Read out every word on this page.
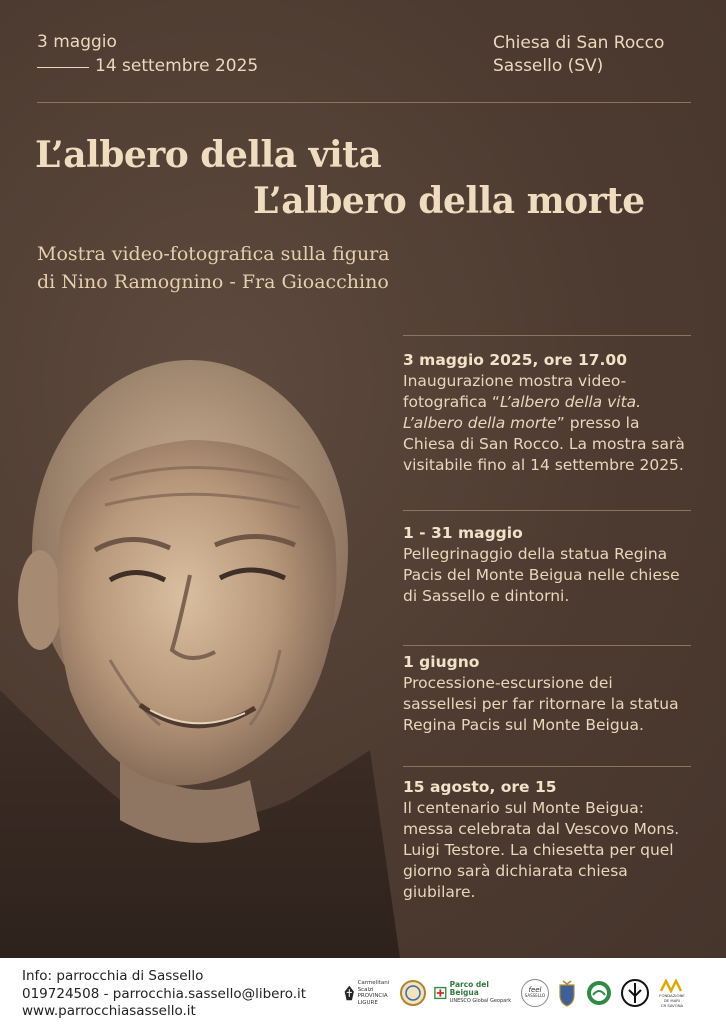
3 maggio
14 settembre 2025
Chiesa di San Rocco
Sassello (SV)
L’albero della vita
L’albero della morte
Mostra video-fotografica sulla figura
di Nino Ramognino - Fra Gioacchino
3 maggio 2025, ore 17.00
Inaugurazione mostra video-fotografica “L’albero della vita. L’albero della morte” presso la Chiesa di San Rocco. La mostra sarà visitabile fino al 14 settembre 2025.
1 - 31 maggio
Pellegrinaggio della statua Regina Pacis del Monte Beigua nelle chiese di Sassello e dintorni.
1 giugno
Processione-escursione dei sassellesi per far ritornare la statua Regina Pacis sul Monte Beigua.
15 agosto, ore 15
Il centenario sul Monte Beigua: messa celebrata dal Vescovo Mons. Luigi Testore. La chiesetta per quel giorno sarà dichiarata chiesa giubilare.
Info: parrocchia di Sassello
019724508 - parrocchia.sassello@libero.it
www.parrocchiasassello.it
Carmelitani
Scalzi
PROVINCIA LIGURE
Parco del Beigua
UNESCO Global Geopark
feel
SASSELLO	FONDAZIONE
DE MARI
CR SAVONA
